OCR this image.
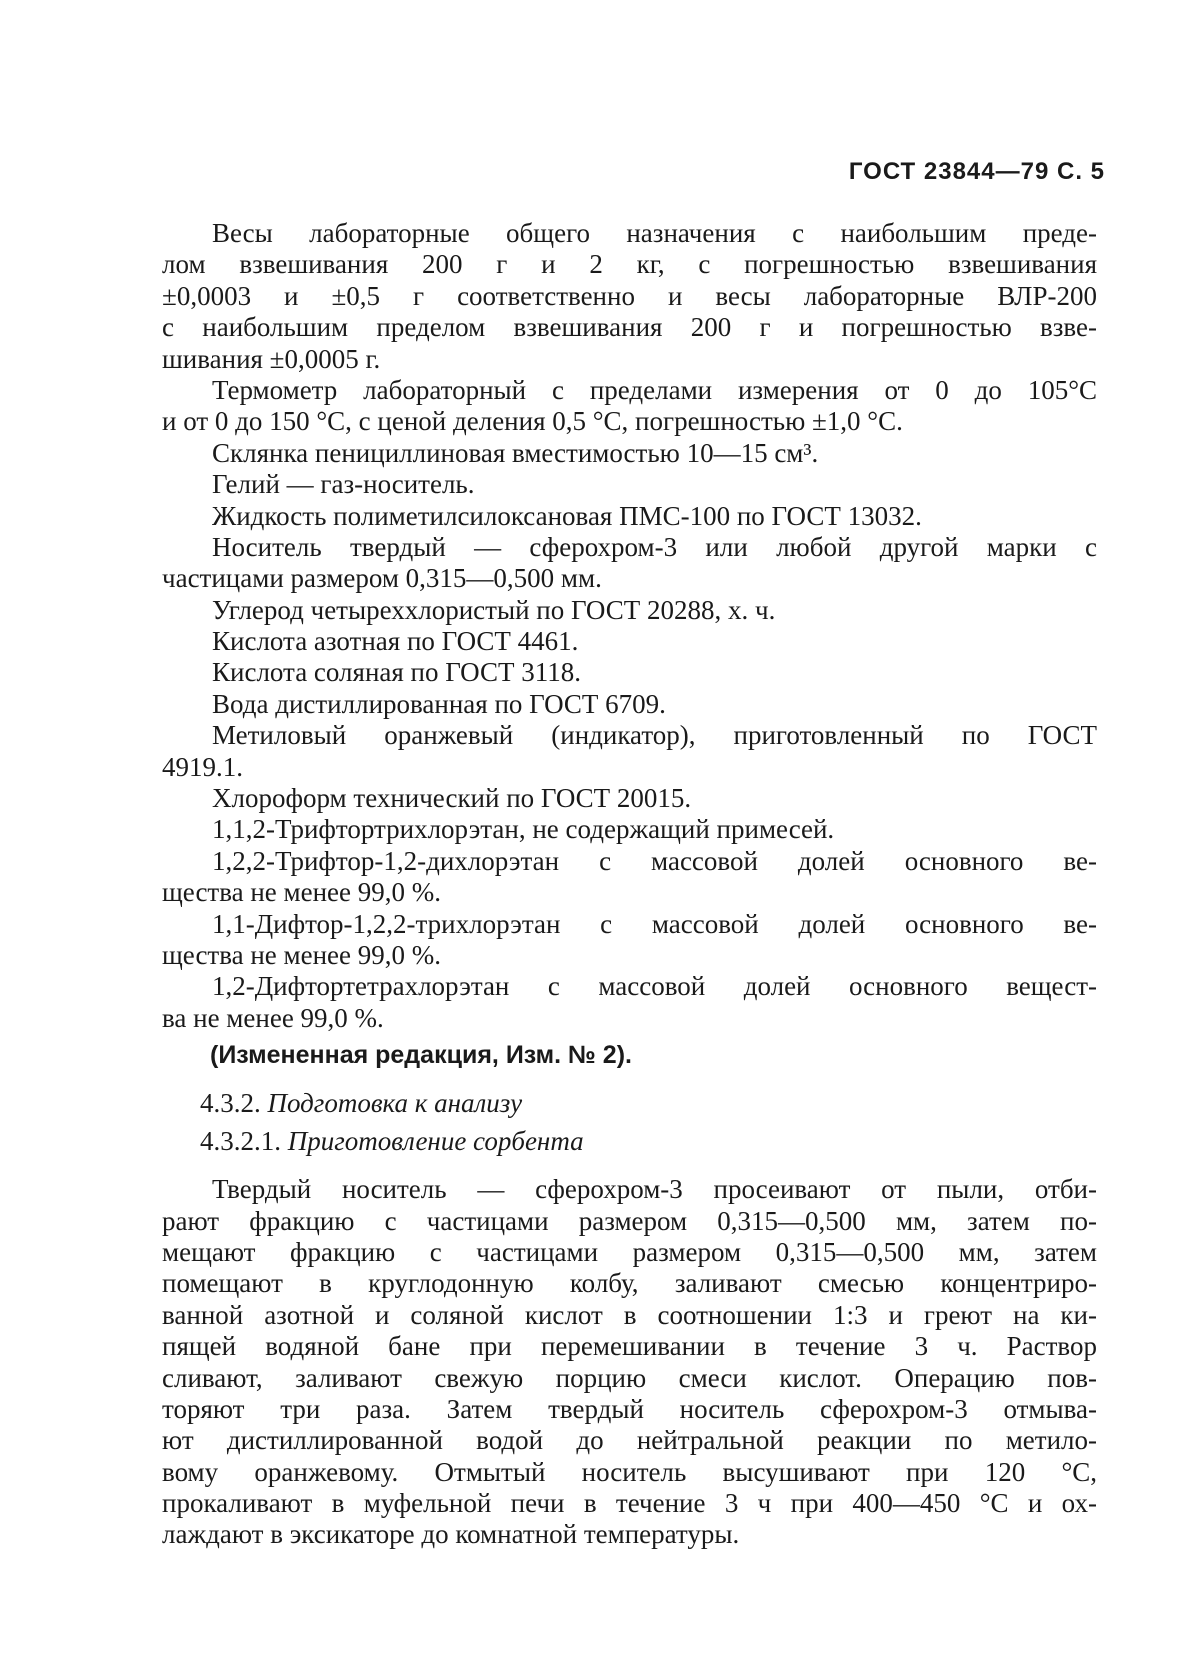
ГОСТ 23844—79 С. 5
Весы лабораторные общего назначения с наибольшим преде-
лом взвешивания 200 г и 2 кг, с погрешностью взвешивания
±0,0003 и ±0,5 г соответственно и весы лабораторные ВЛР-200
с наибольшим пределом взвешивания 200 г и погрешностью взве-
шивания ±0,0005 г.
Термометр лабораторный с пределами измерения от 0 до 105°С
и от 0 до 150 °С, с ценой деления 0,5 °С, погрешностью ±1,0 °С.
Склянка пенициллиновая вместимостью 10—15 см³.
Гелий — газ-носитель.
Жидкость полиметилсилоксановая ПМС-100 по ГОСТ 13032.
Носитель твердый — сферохром-3 или любой другой марки с
частицами размером 0,315—0,500 мм.
Углерод четыреххлористый по ГОСТ 20288, х. ч.
Кислота азотная по ГОСТ 4461.
Кислота соляная по ГОСТ 3118.
Вода дистиллированная по ГОСТ 6709.
Метиловый оранжевый (индикатор), приготовленный по ГОСТ
4919.1.
Хлороформ технический по ГОСТ 20015.
1,1,2-Трифтортрихлорэтан, не содержащий примесей.
1,2,2-Трифтор-1,2-дихлорэтан с массовой долей основного ве-
щества не менее 99,0 %.
1,1-Дифтор-1,2,2-трихлорэтан с массовой долей основного ве-
щества не менее 99,0 %.
1,2-Дифтортетрахлорэтан с массовой долей основного вещест-
ва не менее 99,0 %.
(Измененная редакция, Изм. № 2).
4.3.2. Подготовка к анализу
4.3.2.1. Приготовление сорбента
Твердый носитель — сферохром-3 просеивают от пыли, отби-
рают фракцию с частицами размером 0,315—0,500 мм, затем по-
мещают фракцию с частицами размером 0,315—0,500 мм, затем
помещают в круглодонную колбу, заливают смесью концентриро-
ванной азотной и соляной кислот в соотношении 1:3 и греют на ки-
пящей водяной бане при перемешивании в течение 3 ч. Раствор
сливают, заливают свежую порцию смеси кислот. Операцию пов-
торяют три раза. Затем твердый носитель сферохром-3 отмыва-
ют дистиллированной водой до нейтральной реакции по метило-
вому оранжевому. Отмытый носитель высушивают при 120 °С,
прокаливают в муфельной печи в течение 3 ч при 400—450 °С и ох-
лаждают в эксикаторе до комнатной температуры.
